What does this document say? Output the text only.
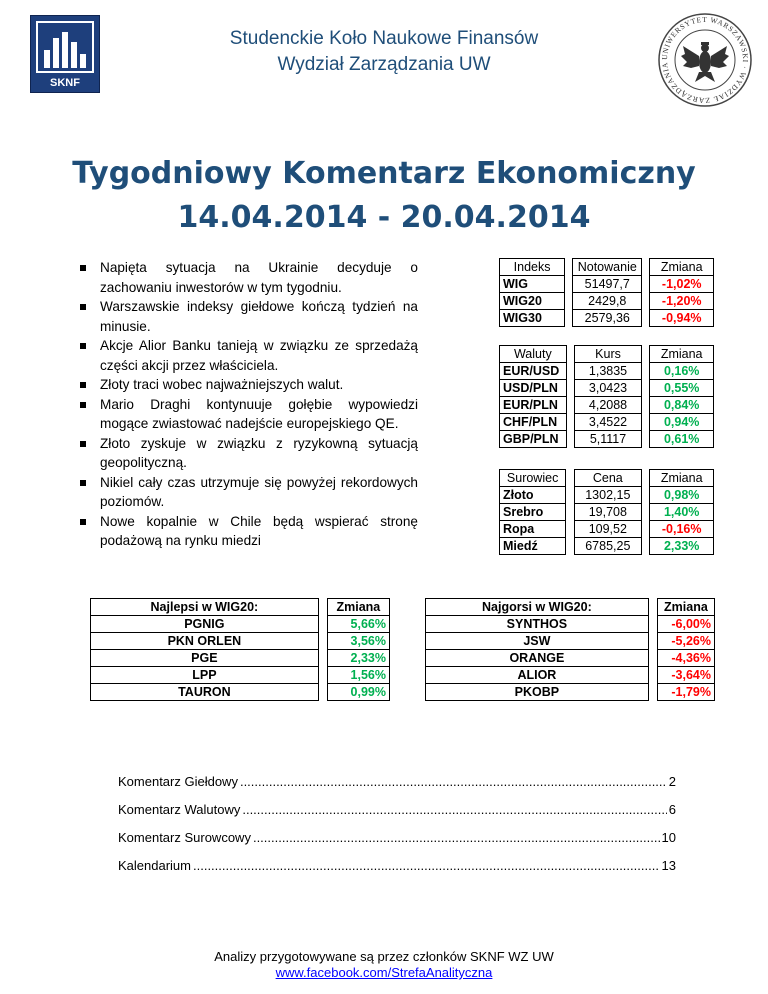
SKNF
Studenckie Koło Naukowe Finansów
Wydział Zarządzania UW	UNIWERSYTET WARSZAWSKI · WYDZIAŁ ZARZĄDZANIA
Tygodniowy Komentarz Ekonomiczny
14.04.2014 - 20.04.2014
Napięta sytuacja na Ukrainie decyduje o zachowaniu inwestorów w tym tygodniu.
Warszawskie indeksy giełdowe kończą tydzień na minusie.
Akcje Alior Banku tanieją w związku ze sprzedażą części akcji przez właściciela.
Złoty traci wobec najważniejszych walut.
Mario Draghi kontynuuje gołębie wypowiedzi mogące zwiastować nadejście europejskiego QE.
Złoto zyskuje w związku z ryzykowną sytuacją geopolityczną.
Nikiel cały czas utrzymuje się powyżej rekordowych poziomów.
Nowe kopalnie w Chile będą wspierać stronę podażową na rynku miedzi
Indeks		Notowanie		Zmiana
WIG		51497,7		-1,02%
WIG20		2429,8		-1,20%
WIG30		2579,36		-0,94%
Waluty		Kurs		Zmiana
EUR/USD		1,3835		0,16%
USD/PLN		3,0423		0,55%
EUR/PLN		4,2088		0,84%
CHF/PLN		3,4522		0,94%
GBP/PLN		5,1117		0,61%
Surowiec		Cena		Zmiana
Złoto		1302,15		0,98%
Srebro		19,708		1,40%
Ropa		109,52		-0,16%
Miedź		6785,25		2,33%
Najlepsi w WIG20:		Zmiana
PGNIG		5,66%
PKN ORLEN		3,56%
PGE		2,33%
LPP		1,56%
TAURON		0,99%
Najgorsi w WIG20:		Zmiana
SYNTHOS		-6,00%
JSW		-5,26%
ORANGE		-4,36%
ALIOR		-3,64%
PKOBP		-1,79%
Komentarz Giełdowy .....	2
Komentarz Walutowy .....	6
Komentarz Surowcowy .....	10
Kalendarium .....	13
Analizy przygotowywane są przez członków SKNF WZ UW
www.facebook.com/StrefaAnalityczna
